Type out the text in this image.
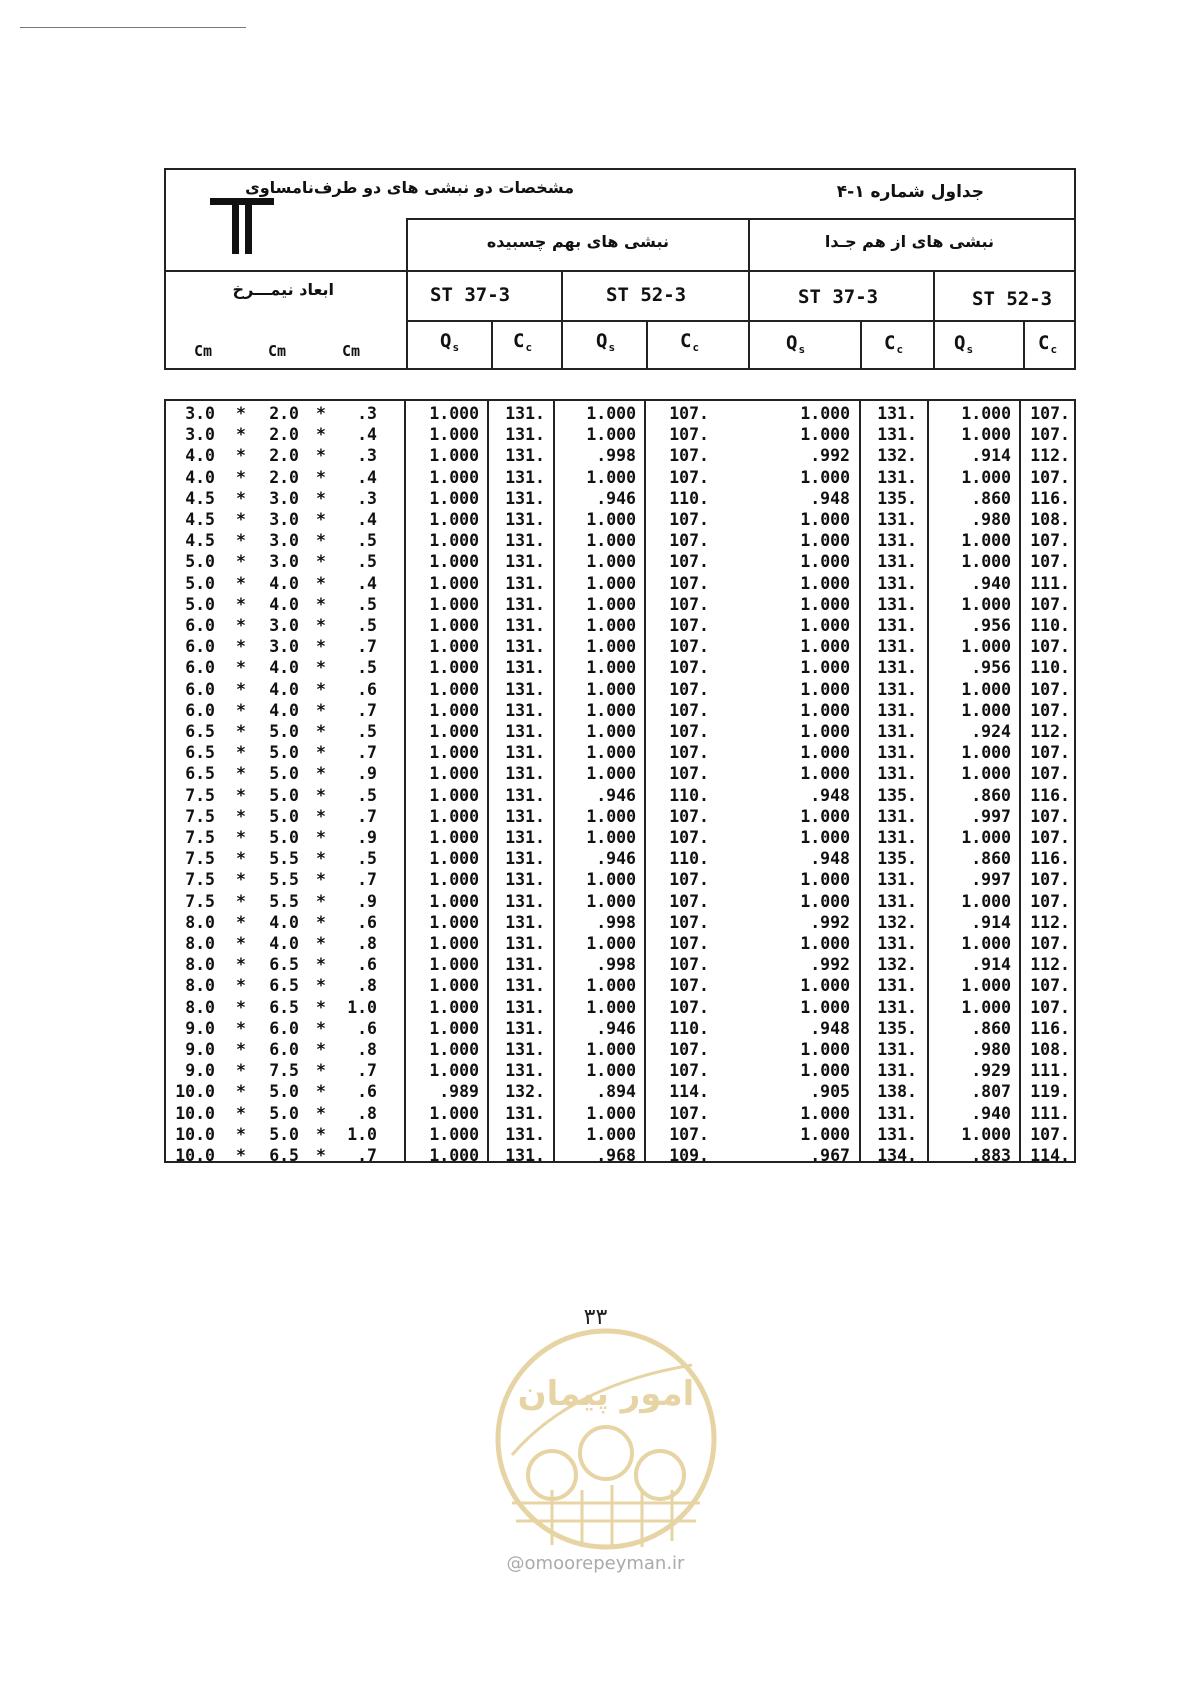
جداول شماره ۱-۴
مشخصات دو نبشی های دو طرف‌نامساوی
نبشی های بهم چسبیده	نبشی های از هم جـدا
ابعاد نیمـــرخ	ST 37-3	ST 52-3	ST 37-3	ST 52-3
Cm	Cm	Cm	$Q_s$	$C_c$	$Q_s$	$C_c$	$Q_s$	$C_c$	$Q_s$	$C_c$
3.0	2.0	.3	1.000 131.	1.000 107.	1.000 131.	1.000 107.
*	*
3.0	2.0	.4	1.000 131.	1.000 107.	1.000 131.	1.000 107.
*	*
4.0	2.0	.3	1.000 131.	.998 107.	.992 132.	.914 112.
*	*
4.0	2.0	.4	1.000 131.	1.000 107.	1.000 131.	1.000 107.
*	*
4.5	3.0	.3	1.000 131.	.946 110.	.948 135.	.860 116.
*	*
4.5	3.0	.4	1.000 131.	1.000 107.	1.000 131.	.980 108.
*	*
4.5	3.0	.5	1.000 131.	1.000 107.	1.000 131.	1.000 107.
*	*
5.0	3.0	.5	1.000 131.	1.000 107.	1.000 131.	1.000 107.
*	*
5.0	4.0	.4	1.000 131.	1.000 107.	1.000 131.	.940 111.
*	*
5.0	4.0	.5	1.000 131.	1.000 107.	1.000 131.	1.000 107.
*	*
6.0	3.0	.5	1.000 131.	1.000 107.	1.000 131.	.956 110.
*	*
6.0	3.0	.7	1.000 131.	1.000 107.	1.000 131.	1.000 107.
*	*
6.0	4.0	.5	1.000 131.	1.000 107.	1.000 131.	.956 110.
*	*
6.0	4.0	.6	1.000 131.	1.000 107.	1.000 131.	1.000 107.
*	*
6.0	4.0	.7	1.000 131.	1.000 107.	1.000 131.	1.000 107.
*	*
6.5	5.0	.5	1.000 131.	1.000 107.	1.000 131.	.924 112.
*	*
6.5	5.0	.7	1.000 131.	1.000 107.	1.000 131.	1.000 107.
*	*
6.5	5.0	.9	1.000 131.	1.000 107.	1.000 131.	1.000 107.
*	*
7.5	5.0	.5	1.000 131.	.946 110.	.948 135.	.860 116.
*	*
7.5	5.0	.7	1.000 131.	1.000 107.	1.000 131.	.997 107.
*	*
7.5	5.0	.9	1.000 131.	1.000 107.	1.000 131.	1.000 107.
*	*
7.5	5.5	.5	1.000 131.	.946 110.	.948 135.	.860 116.
*	*
7.5	5.5	.7	1.000 131.	1.000 107.	1.000 131.	.997 107.
*	*
7.5	5.5	.9	1.000 131.	1.000 107.	1.000 131.	1.000 107.
*	*
8.0	4.0	.6	1.000 131.	.998 107.	.992 132.	.914 112.
*	*
8.0	4.0	.8	1.000 131.	1.000 107.	1.000 131.	1.000 107.
*	*
8.0	6.5	.6	1.000 131.	.998 107.	.992 132.	.914 112.
*	*
8.0	6.5	.8	1.000 131.	1.000 107.	1.000 131.	1.000 107.
*	*
8.0	6.5	1.0	1.000 131.	1.000 107.	1.000 131.	1.000 107.
*	*
9.0	6.0	.6	1.000 131.	.946 110.	.948 135.	.860 116.
*	*
9.0	6.0	.8	1.000 131.	1.000 107.	1.000 131.	.980 108.
*	*
9.0	7.5	.7	1.000 131.	1.000 107.	1.000 131.	.929 111.
*	*
10.0	5.0	.6	.989 132.	.894 114.	.905 138.	.807 119.
*	*
10.0	5.0	.8	1.000 131.	1.000 107.	1.000 131.	.940 111.
*	*
10.0	5.0	1.0	1.000 131.	1.000 107.	1.000 131.	1.000 107.
*	*
10.0	6.5	.7	1.000 131.	.968 109.	.967 134.	.883 114.
*	*
۳۳
امور پیمان
@omoorepeyman.ir
